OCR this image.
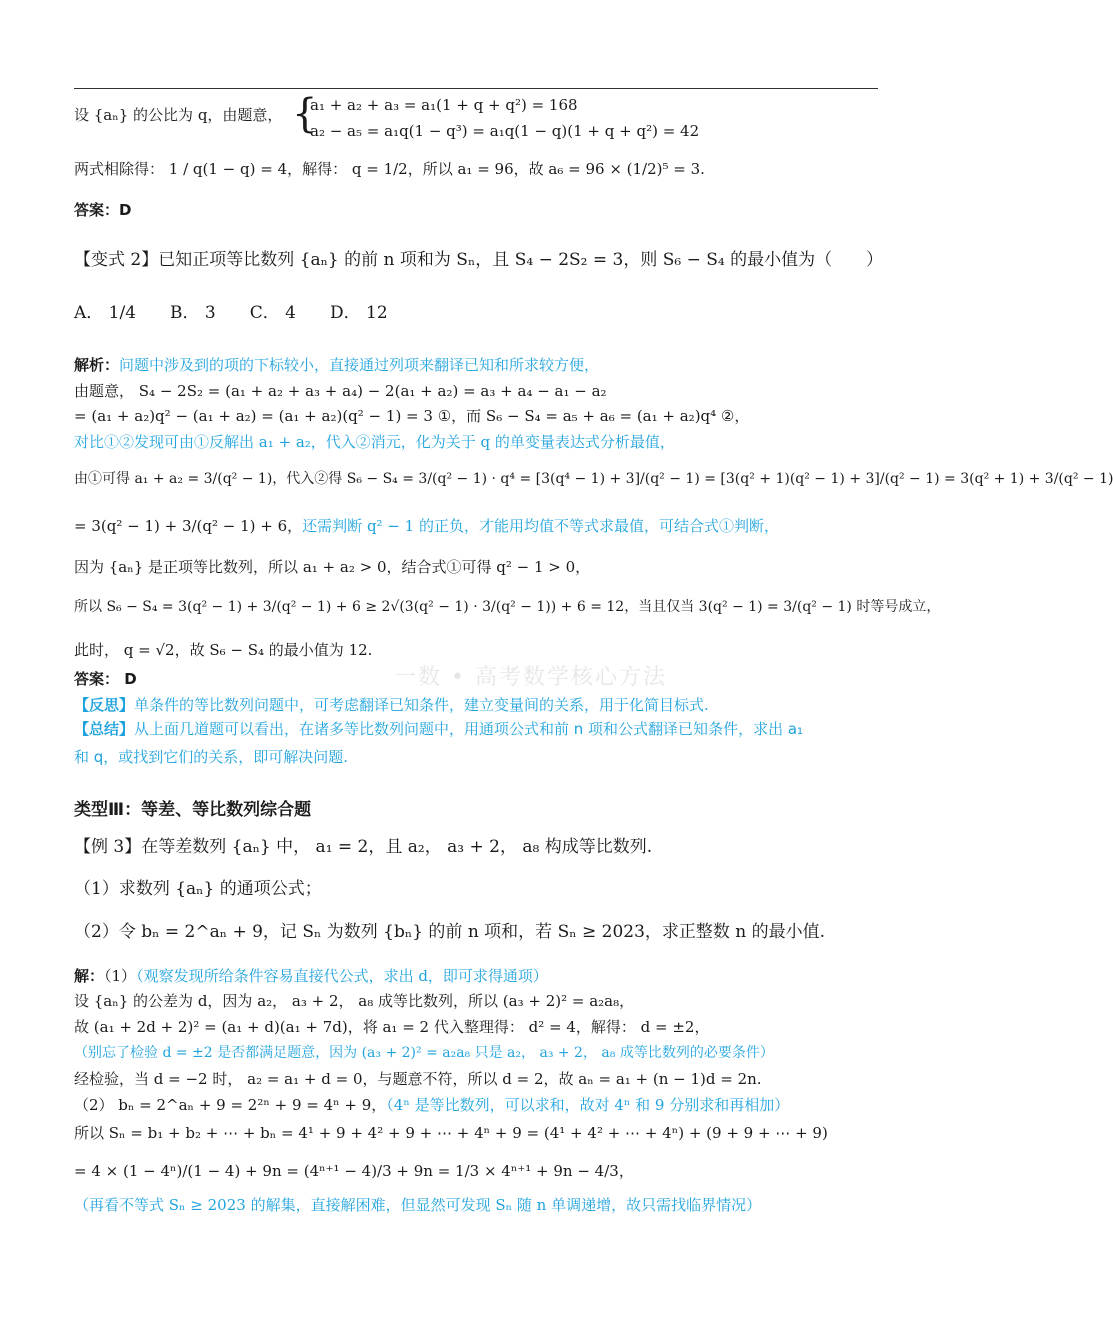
设 {aₙ} 的公比为 q，由题意， {
a₁ + a₂ + a₃ = a₁(1 + q + q²) = 168
a₂ − a₅ = a₁q(1 − q³) = a₁q(1 − q)(1 + q + q²) = 42
两式相除得： 1 / q(1 − q) = 4，解得： q = 1/2，所以 a₁ = 96，故 a₆ = 96 × (1/2)⁵ = 3.
答案：D
【变式 2】已知正项等比数列 {aₙ} 的前 n 项和为 Sₙ，且 S₄ − 2S₂ = 3，则 S₆ − S₄ 的最小值为（　　）
A． 1/4　　B． 3　　C． 4　　D． 12
解析：问题中涉及到的项的下标较小，直接通过列项来翻译已知和所求较方便，
由题意， S₄ − 2S₂ = (a₁ + a₂ + a₃ + a₄) − 2(a₁ + a₂) = a₃ + a₄ − a₁ − a₂
= (a₁ + a₂)q² − (a₁ + a₂) = (a₁ + a₂)(q² − 1) = 3 ①，而 S₆ − S₄ = a₅ + a₆ = (a₁ + a₂)q⁴ ②，
对比①②发现可由①反解出 a₁ + a₂，代入②消元，化为关于 q 的单变量表达式分析最值，
由①可得 a₁ + a₂ = 3/(q² − 1)，代入②得 S₆ − S₄ = 3/(q² − 1) · q⁴ = [3(q⁴ − 1) + 3]/(q² − 1) = [3(q² + 1)(q² − 1) + 3]/(q² − 1) = 3(q² + 1) + 3/(q² − 1)
= 3(q² − 1) + 3/(q² − 1) + 6，还需判断 q² − 1 的正负，才能用均值不等式求最值，可结合式①判断，
因为 {aₙ} 是正项等比数列，所以 a₁ + a₂ > 0，结合式①可得 q² − 1 > 0，
所以 S₆ − S₄ = 3(q² − 1) + 3/(q² − 1) + 6 ≥ 2√(3(q² − 1) · 3/(q² − 1)) + 6 = 12，当且仅当 3(q² − 1) = 3/(q² − 1) 时等号成立，
此时， q = √2，故 S₆ − S₄ 的最小值为 12.
答案： D
【反思】单条件的等比数列问题中，可考虑翻译已知条件，建立变量间的关系，用于化简目标式.
【总结】从上面几道题可以看出，在诸多等比数列问题中，用通项公式和前 n 项和公式翻译已知条件，求出 a₁
和 q，或找到它们的关系，即可解决问题.
类型Ⅲ：等差、等比数列综合题
【例 3】在等差数列 {aₙ} 中， a₁ = 2，且 a₂， a₃ + 2， a₈ 构成等比数列.
（1）求数列 {aₙ} 的通项公式；
（2）令 bₙ = 2^aₙ + 9，记 Sₙ 为数列 {bₙ} 的前 n 项和，若 Sₙ ≥ 2023，求正整数 n 的最小值.
解：（1）（观察发现所给条件容易直接代公式，求出 d，即可求得通项）
设 {aₙ} 的公差为 d，因为 a₂， a₃ + 2， a₈ 成等比数列，所以 (a₃ + 2)² = a₂a₈，
故 (a₁ + 2d + 2)² = (a₁ + d)(a₁ + 7d)，将 a₁ = 2 代入整理得： d² = 4，解得： d = ±2，
（别忘了检验 d = ±2 是否都满足题意，因为 (a₃ + 2)² = a₂a₈ 只是 a₂， a₃ + 2， a₈ 成等比数列的必要条件）
经检验，当 d = −2 时， a₂ = a₁ + d = 0，与题意不符，所以 d = 2，故 aₙ = a₁ + (n − 1)d = 2n.
（2） bₙ = 2^aₙ + 9 = 2²ⁿ + 9 = 4ⁿ + 9，（4ⁿ 是等比数列，可以求和，故对 4ⁿ 和 9 分别求和再相加）
所以 Sₙ = b₁ + b₂ + ⋯ + bₙ = 4¹ + 9 + 4² + 9 + ⋯ + 4ⁿ + 9 = (4¹ + 4² + ⋯ + 4ⁿ) + (9 + 9 + ⋯ + 9)
= 4 × (1 − 4ⁿ)/(1 − 4) + 9n = (4ⁿ⁺¹ − 4)/3 + 9n = 1/3 × 4ⁿ⁺¹ + 9n − 4/3，
（再看不等式 Sₙ ≥ 2023 的解集，直接解困难，但显然可发现 Sₙ 随 n 单调递增，故只需找临界情况）
一数 • 高考数学核心方法
